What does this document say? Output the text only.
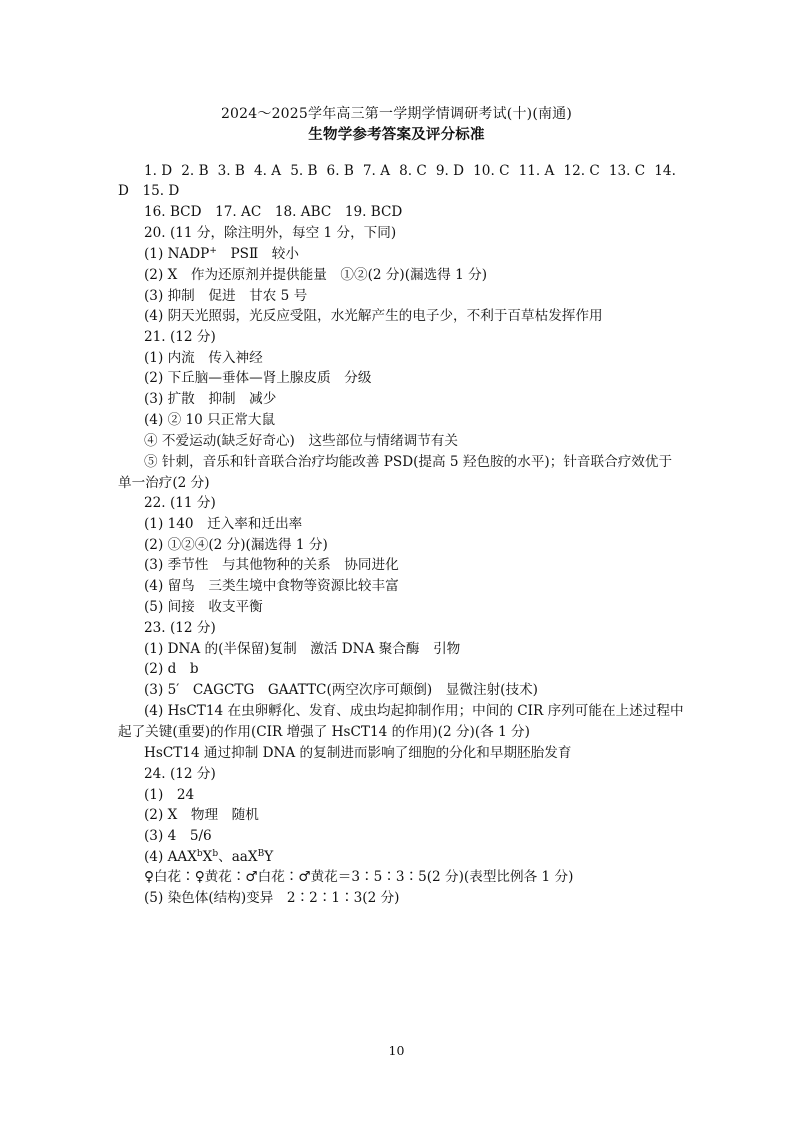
2024～2025学年高三第一学期学情调研考试(十)(南通)
生物学参考答案及评分标准
1. D 2. B 3. B 4. A 5. B 6. B 7. A 8. C 9. D 10. C 11. A 12. C 13. C 14.
D　15. D
16. BCD　17. AC　18. ABC　19. BCD
20. (11 分，除注明外，每空 1 分，下同)
(1) NADP+　PSⅡ　较小
(2) X　作为还原剂并提供能量　①②(2 分)(漏选得 1 分)
(3) 抑制　促进　甘农 5 号
(4) 阴天光照弱，光反应受阻，水光解产生的电子少，不利于百草枯发挥作用
21. (12 分)
(1) 内流　传入神经
(2) 下丘脑—垂体—肾上腺皮质　分级
(3) 扩散　抑制　减少
(4) ② 10 只正常大鼠
④ 不爱运动(缺乏好奇心)　这些部位与情绪调节有关
⑤ 针刺，音乐和针音联合治疗均能改善 PSD(提高 5 羟色胺的水平)；针音联合疗效优于
单一治疗(2 分)
22. (11 分)
(1) 140　迁入率和迁出率
(2) ①②④(2 分)(漏选得 1 分)
(3) 季节性　与其他物种的关系　协同进化
(4) 留鸟　三类生境中食物等资源比较丰富
(5) 间接　收支平衡
23. (12 分)
(1) DNA 的(半保留)复制　激活 DNA 聚合酶　引物
(2) d　b
(3) 5′　CAGCTG　GAATTC(两空次序可颠倒)　显微注射(技术)
(4) HsCT14 在虫卵孵化、发育、成虫均起抑制作用；中间的 CIR 序列可能在上述过程中
起了关键(重要)的作用(CIR 增强了 HsCT14 的作用)(2 分)(各 1 分)
HsCT14 通过抑制 DNA 的复制进而影响了细胞的分化和早期胚胎发育
24. (12 分)
(1)　24
(2) X　物理　随机
(3) 4　5/6
(4) $AAX^bX^b$、aaX$^B$Y
♀白花∶♀黄花∶♂白花∶♂黄花＝3∶5∶3∶5(2 分)(表型比例各 1 分)
(5) 染色体(结构)变异　2∶2∶1∶3(2 分)
10
